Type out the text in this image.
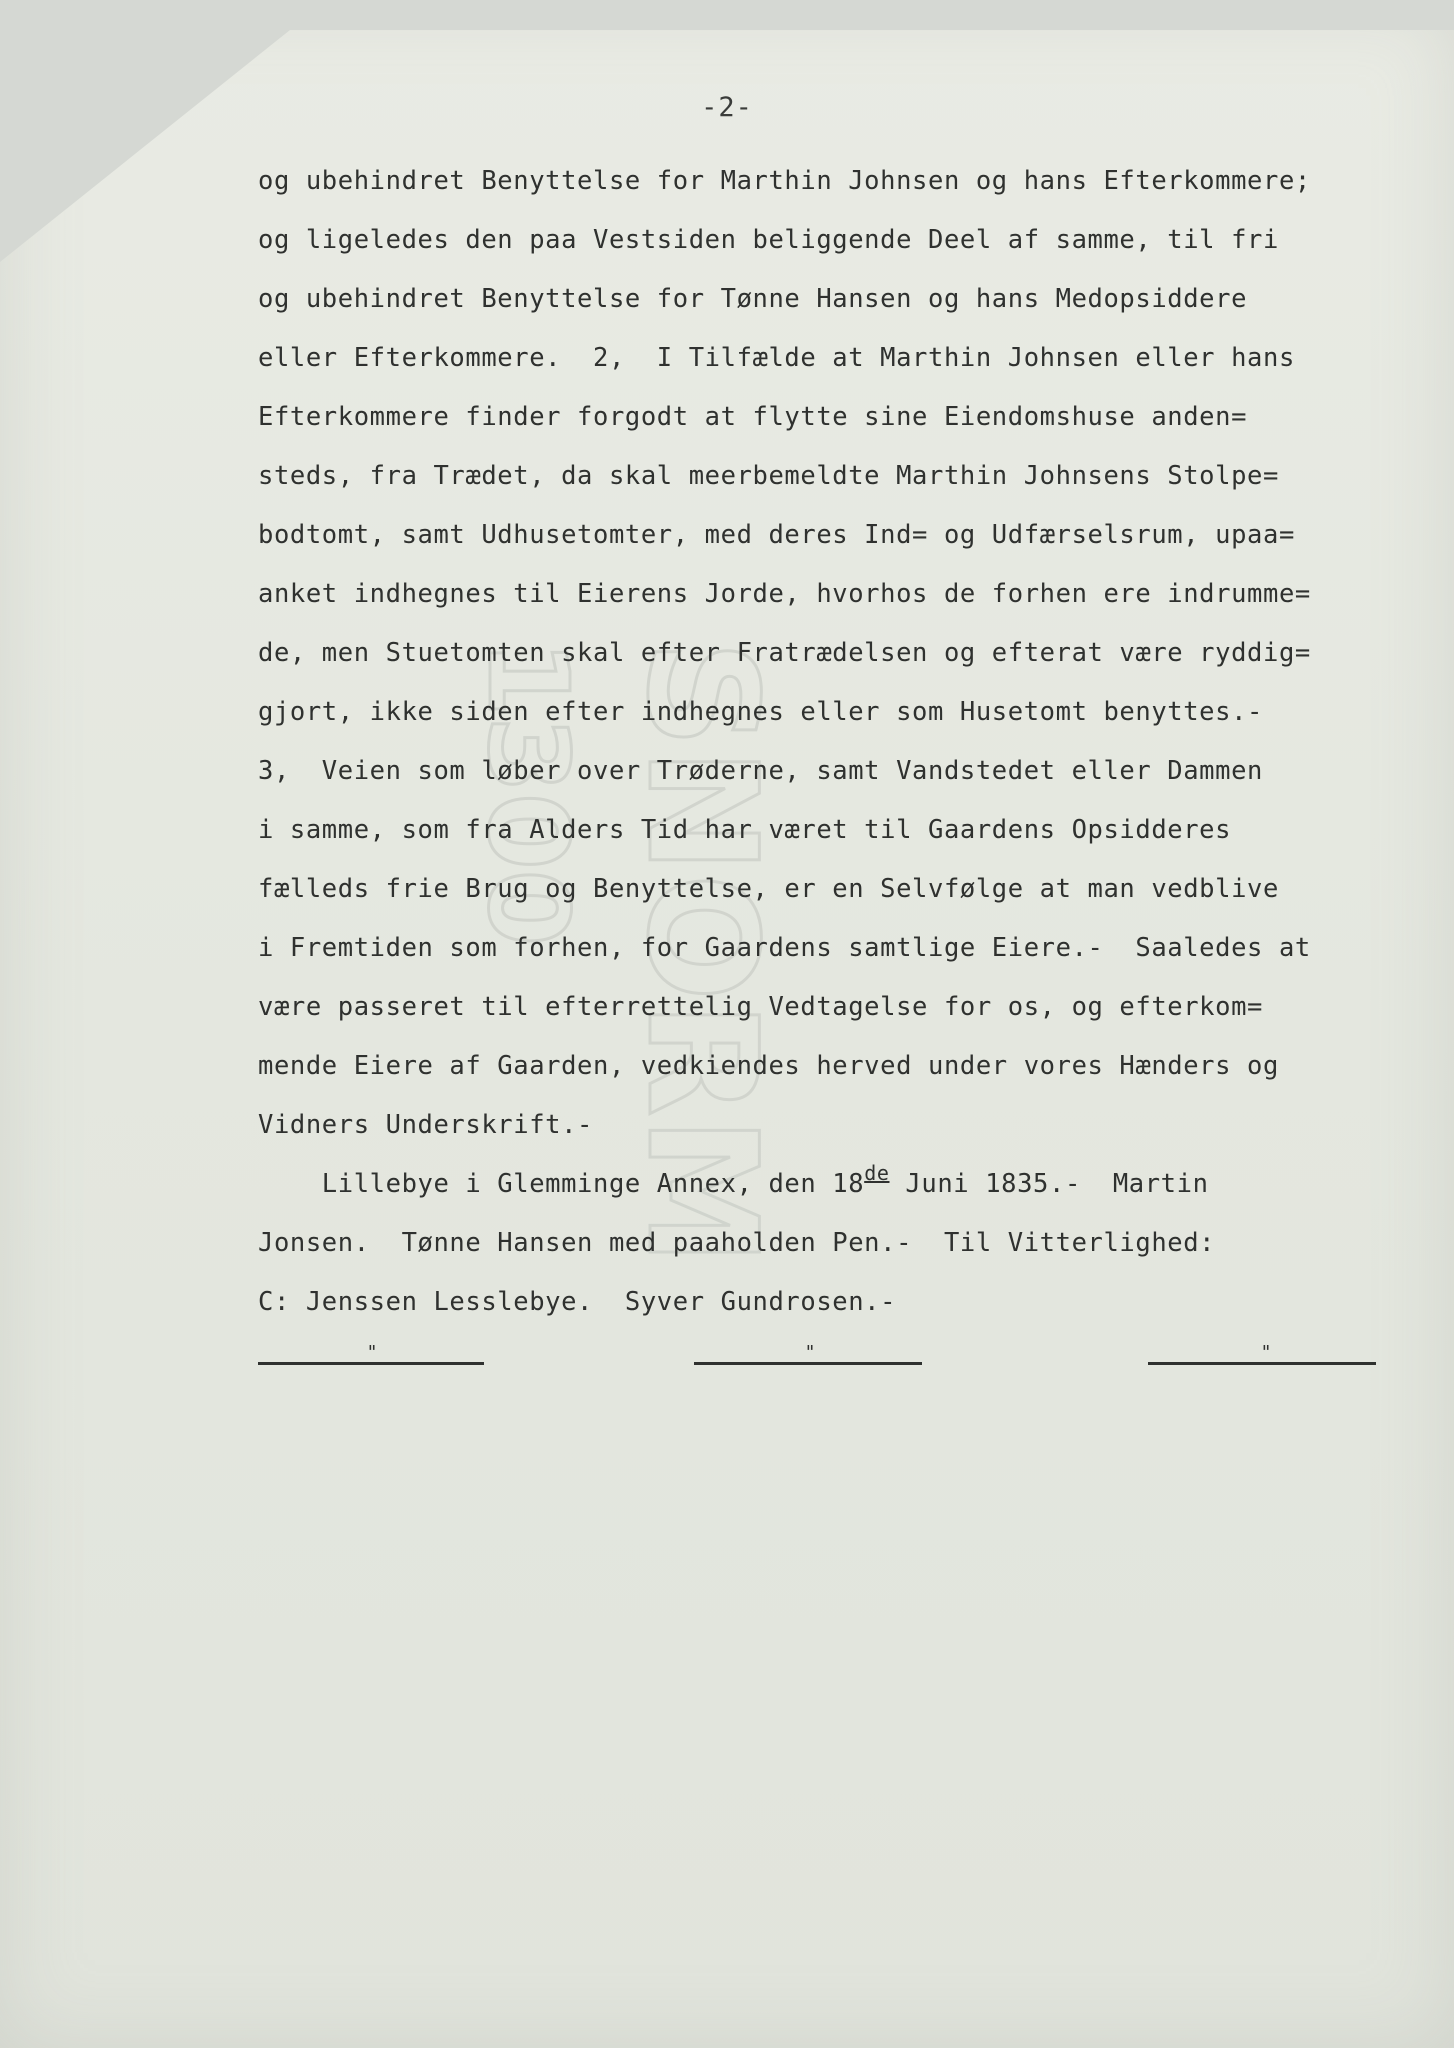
1300 SNORM
-2-
og ubehindret Benyttelse for Marthin Johnsen og hans Efterkommere;
og ligeledes den paa Vestsiden beliggende Deel af samme, til fri
og ubehindret Benyttelse for Tønne Hansen og hans Medopsiddere
eller Efterkommere.  2,  I Tilfælde at Marthin Johnsen eller hans
Efterkommere finder forgodt at flytte sine Eiendomshuse anden=
steds, fra Trædet, da skal meerbemeldte Marthin Johnsens Stolpe=
bodtomt, samt Udhusetomter, med deres Ind= og Udfærselsrum, upaa=
anket indhegnes til Eierens Jorde, hvorhos de forhen ere indrumme=
de, men Stuetomten skal efter Fratrædelsen og efterat være ryddig=
gjort, ikke siden efter indhegnes eller som Husetomt benyttes.-
3,  Veien som løber over Trøderne, samt Vandstedet eller Dammen
i samme, som fra Alders Tid har været til Gaardens Opsidderes
fælleds frie Brug og Benyttelse, er en Selvfølge at man vedblive
i Fremtiden som forhen, for Gaardens samtlige Eiere.-  Saaledes at
være passeret til efterrettelig Vedtagelse for os, og efterkom=
mende Eiere af Gaarden, vedkiendes herved under vores Hænders og
Vidners Underskrift.-
Lillebye i Glemminge Annex, den 18de Juni 1835.-  Martin
Jonsen.  Tønne Hansen med paaholden Pen.-  Til Vitterlighed:
C: Jenssen Lesslebye.  Syver Gundrosen.-
"	"	"
